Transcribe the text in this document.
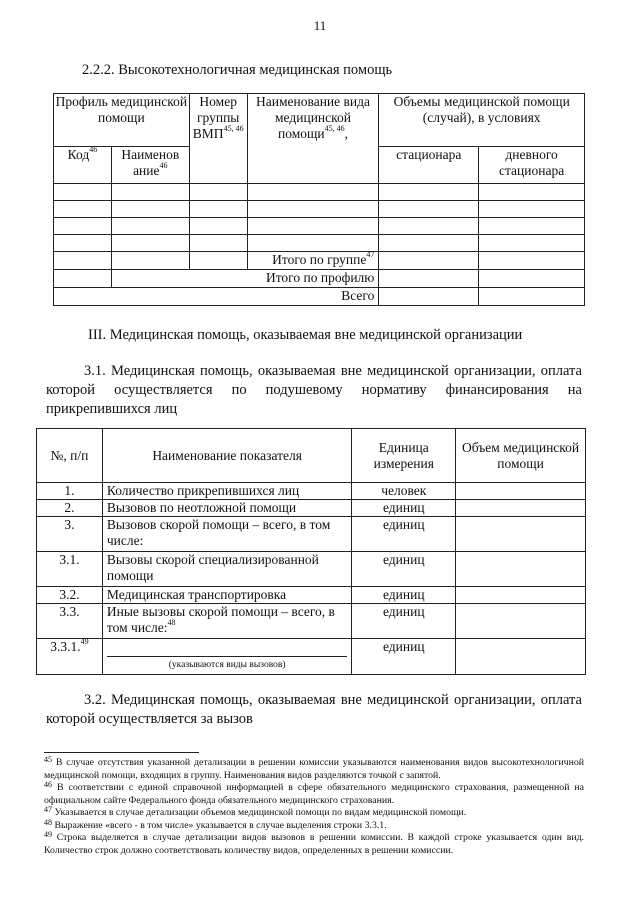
11
2.2.2. Высокотехнологичная медицинская помощь
Профиль медицинской помощи		Номер группы ВМП$^{45, 46}$	Наименование вида медицинской помощи$^{45, 46}$,	Объемы медицинской помощи (случай), в условиях	
Код$^{46}$	Наименов ание$^{46}$			стационара	дневного стационара

			Итого по группе$^{47}$		
	Итого по профилю				
Всего					
III. Медицинская помощь, оказываемая вне медицинской организации
3.1. Медицинская помощь, оказываемая вне медицинской организации, оплата которой осуществляется по подушевому нормативу финансирования на прикрепившихся лиц
№, п/п	Наименование показателя	Единица измерения	Объем медицинской помощи
1.	Количество прикрепившихся лиц	человек	
2.	Вызовов по неотложной помощи	единиц	
3.	Вызовов скорой помощи – всего, в том числе:	единиц	
3.1.	Вызовы скорой специализированной помощи	единиц	
3.2.	Медицинская транспортировка	единиц	
3.3.	Иные вызовы скорой помощи – всего, в том числе:$^{48}$	единиц	
3.3.1.49	(указываются виды вызовов)	единиц	
3.2. Медицинская помощь, оказываемая вне медицинской организации, оплата которой осуществляется за вызов

$^{45}$ В случае отсутствия указанной детализации в решении комиссии указываются наименования видов высокотехнологичной медицинской помощи, входящих в группу. Наименования видов разделяются точкой с запятой.

$^{46}$ В соответствии с единой справочной информацией в сфере обязательного медицинского страхования, размещенной на официальном сайте Федерального фонда обязательного медицинского страхования.

$^{47}$ Указывается в случае детализации объемов медицинской помощи по видам медицинской помощи.

$^{48}$ Выражение «всего - в том числе» указывается в случае выделения строки 3.3.1.

$^{49}$ Строка выделяется в случае детализации видов вызовов в решении комиссии. В каждой строке указывается один вид. Количество строк должно соответствовать количеству видов, определенных в решении комиссии.
